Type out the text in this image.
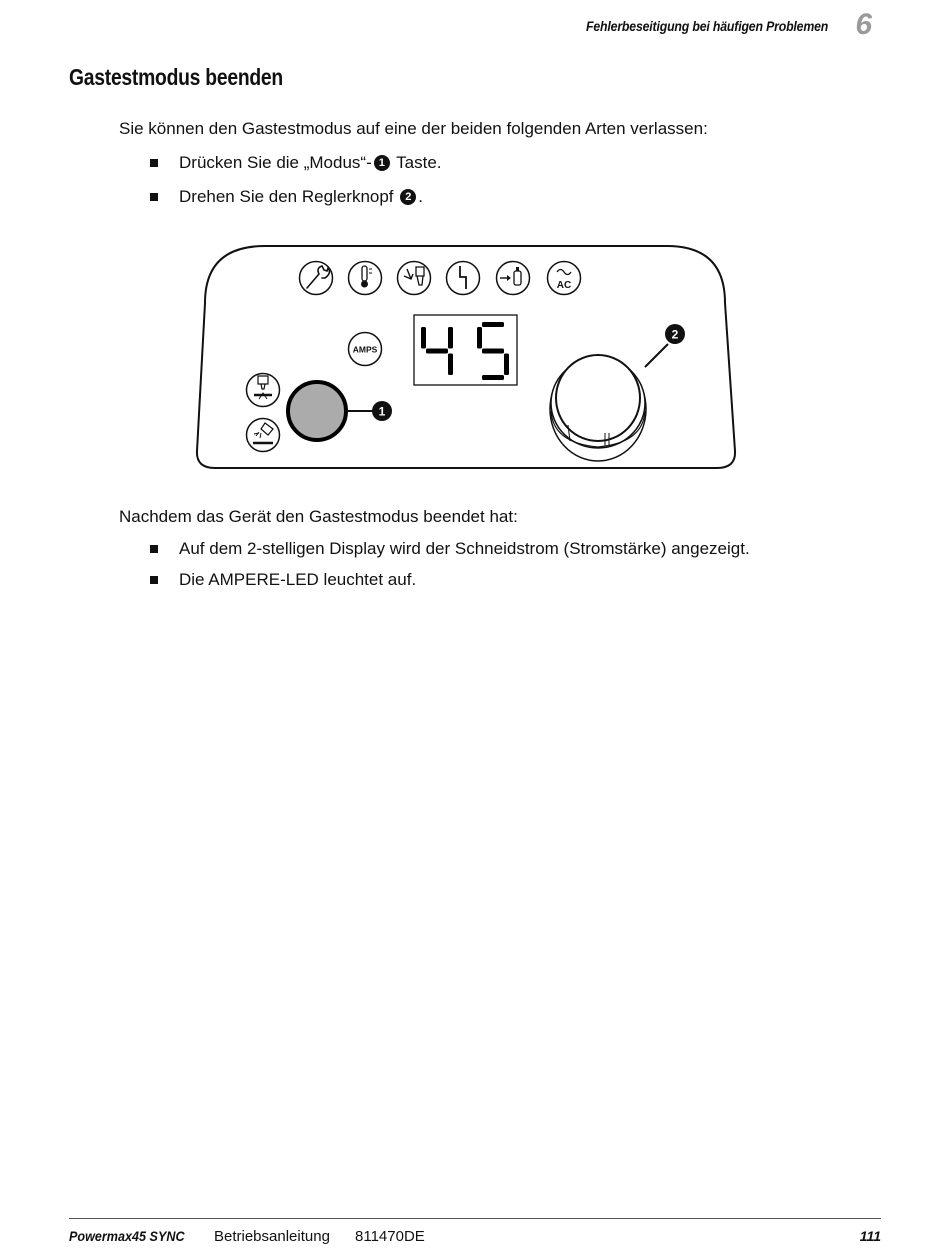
Fehlerbeseitigung bei häufigen Problemen 6
Gastestmodus beenden

Sie können den Gastestmodus auf eine der beiden folgenden Arten verlassen:

Drücken Sie die „Modus“- 1 Taste.
Drehen Sie den Reglerknopf 2 .
AC
AMPS
1
2

Nachdem das Gerät den Gastestmodus beendet hat:

Auf dem 2-stelligen Display wird der Schneidstrom (Stromstärke) angezeigt.
Die AMPERE-LED leuchtet auf.
Powermax45 SYNC Betriebsanleitung 811470DE	111
